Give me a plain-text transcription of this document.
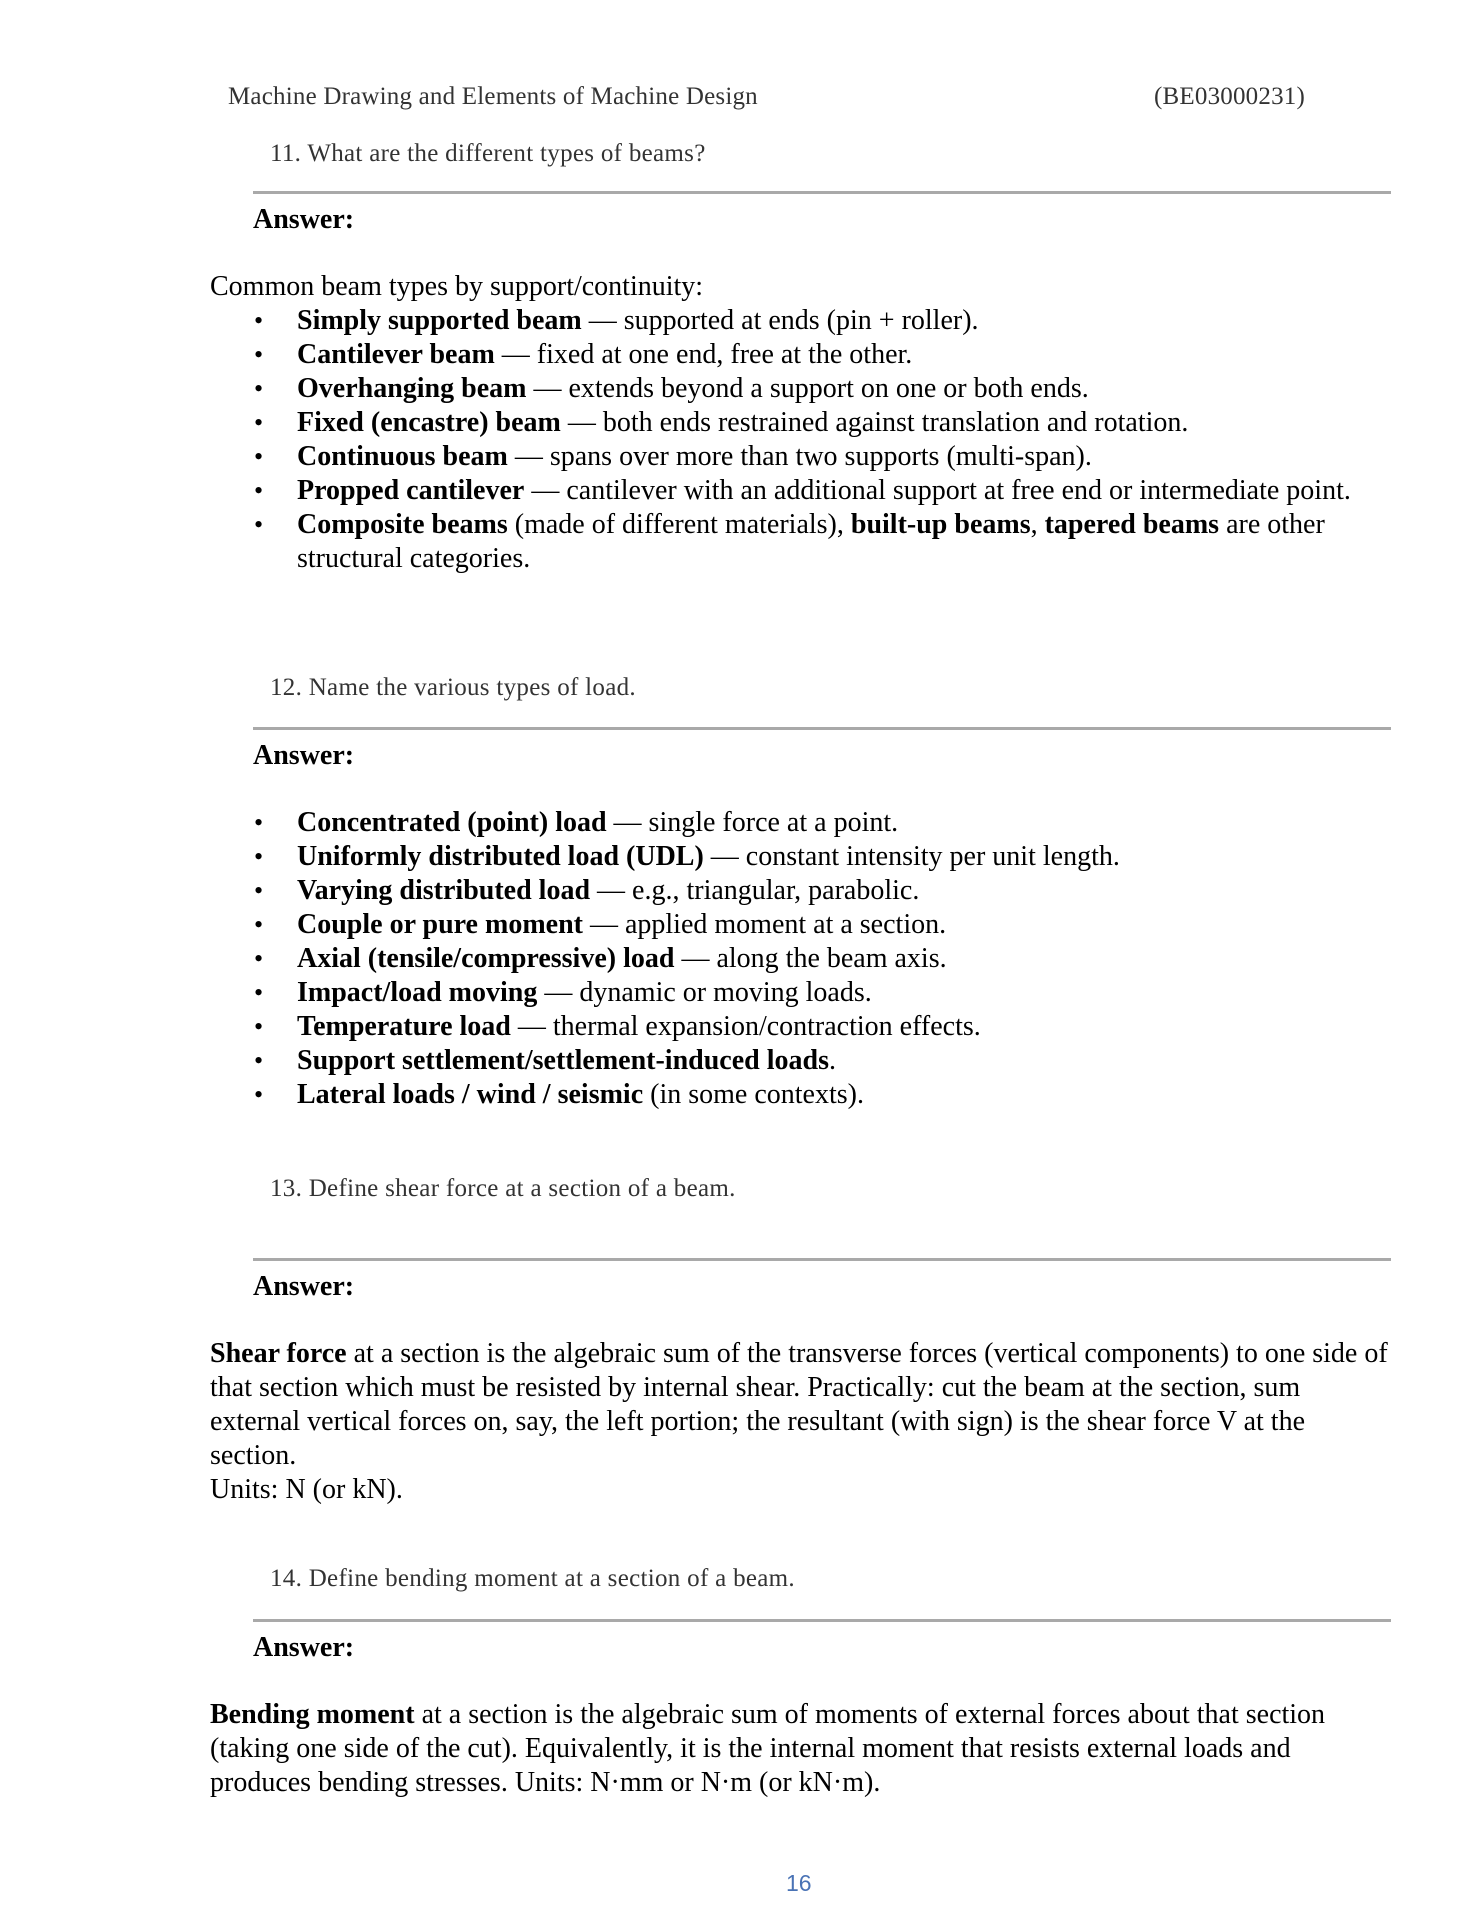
Machine Drawing and Elements of Machine Design	(BE03000231)
11. What are the different types of beams?
Answer:
Common beam types by support/continuity:
• Simply supported beam — supported at ends (pin + roller).
• Cantilever beam — fixed at one end, free at the other.
• Overhanging beam — extends beyond a support on one or both ends.
• Fixed (encastre) beam — both ends restrained against translation and rotation.
• Continuous beam — spans over more than two supports (multi-span).
• Propped cantilever — cantilever with an additional support at free end or intermediate point.
• Composite beams (made of different materials), built-up beams, tapered beams are other structural categories.
12. Name the various types of load.
Answer:
• Concentrated (point) load — single force at a point.
• Uniformly distributed load (UDL) — constant intensity per unit length.
• Varying distributed load — e.g., triangular, parabolic.
• Couple or pure moment — applied moment at a section.
• Axial (tensile/compressive) load — along the beam axis.
• Impact/load moving — dynamic or moving loads.
• Temperature load — thermal expansion/contraction effects.
• Support settlement/settlement-induced loads.
• Lateral loads / wind / seismic (in some contexts).
13. Define shear force at a section of a beam.
Answer:

Shear force at a section is the algebraic sum of the transverse forces (vertical components) to one side of that section which must be resisted by internal shear. Practically: cut the beam at the section, sum external vertical forces on, say, the left portion; the resultant (with sign) is the shear force V at the section.

Units: N (or kN).

14. Define bending moment at a section of a beam.
Answer:

Bending moment at a section is the algebraic sum of moments of external forces about that section (taking one side of the cut). Equivalently, it is the internal moment that resists external loads and produces bending stresses. Units: N·mm or N·m (or kN·m).

16
